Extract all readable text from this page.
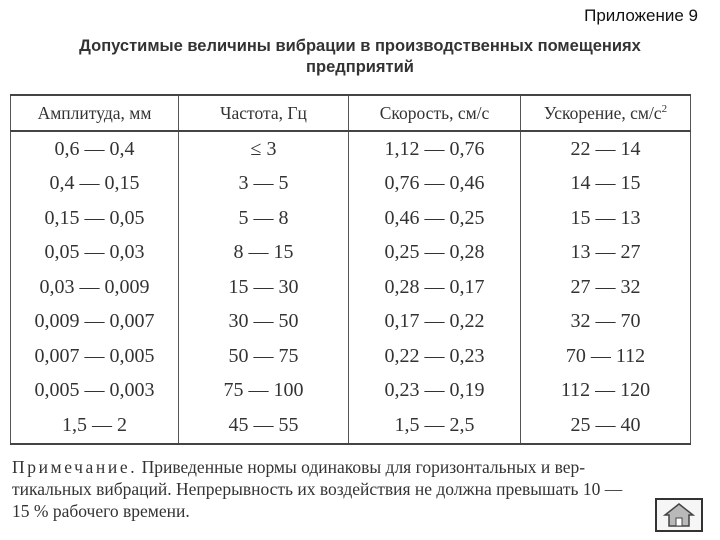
Приложение 9
Допустимые величины вибрации в производственных помещениях
предприятий
Амплитуда, мм	Частота, Гц	Скорость, см/с	Ускорение, $см/с^2$
0,6 — 0,4	≤ 3	1,12 — 0,76	22 — 14
0,4 — 0,15	3 — 5	0,76 — 0,46	14 — 15
0,15 — 0,05	5 — 8	0,46 — 0,25	15 — 13
0,05 — 0,03	8 — 15	0,25 — 0,28	13 — 27
0,03 — 0,009	15 — 30	0,28 — 0,17	27 — 32
0,009 — 0,007	30 — 50	0,17 — 0,22	32 — 70
0,007 — 0,005	50 — 75	0,22 — 0,23	70 — 112
0,005 — 0,003	75 — 100	0,23 — 0,19	112 — 120
1,5 — 2	45 — 55	1,5 — 2,5	25 — 40
Примечание. Приведенные нормы одинаковы для горизонтальных и вер-
тикальных вибраций. Непрерывность их воздействия не должна превышать 10 —
15 % рабочего времени.
